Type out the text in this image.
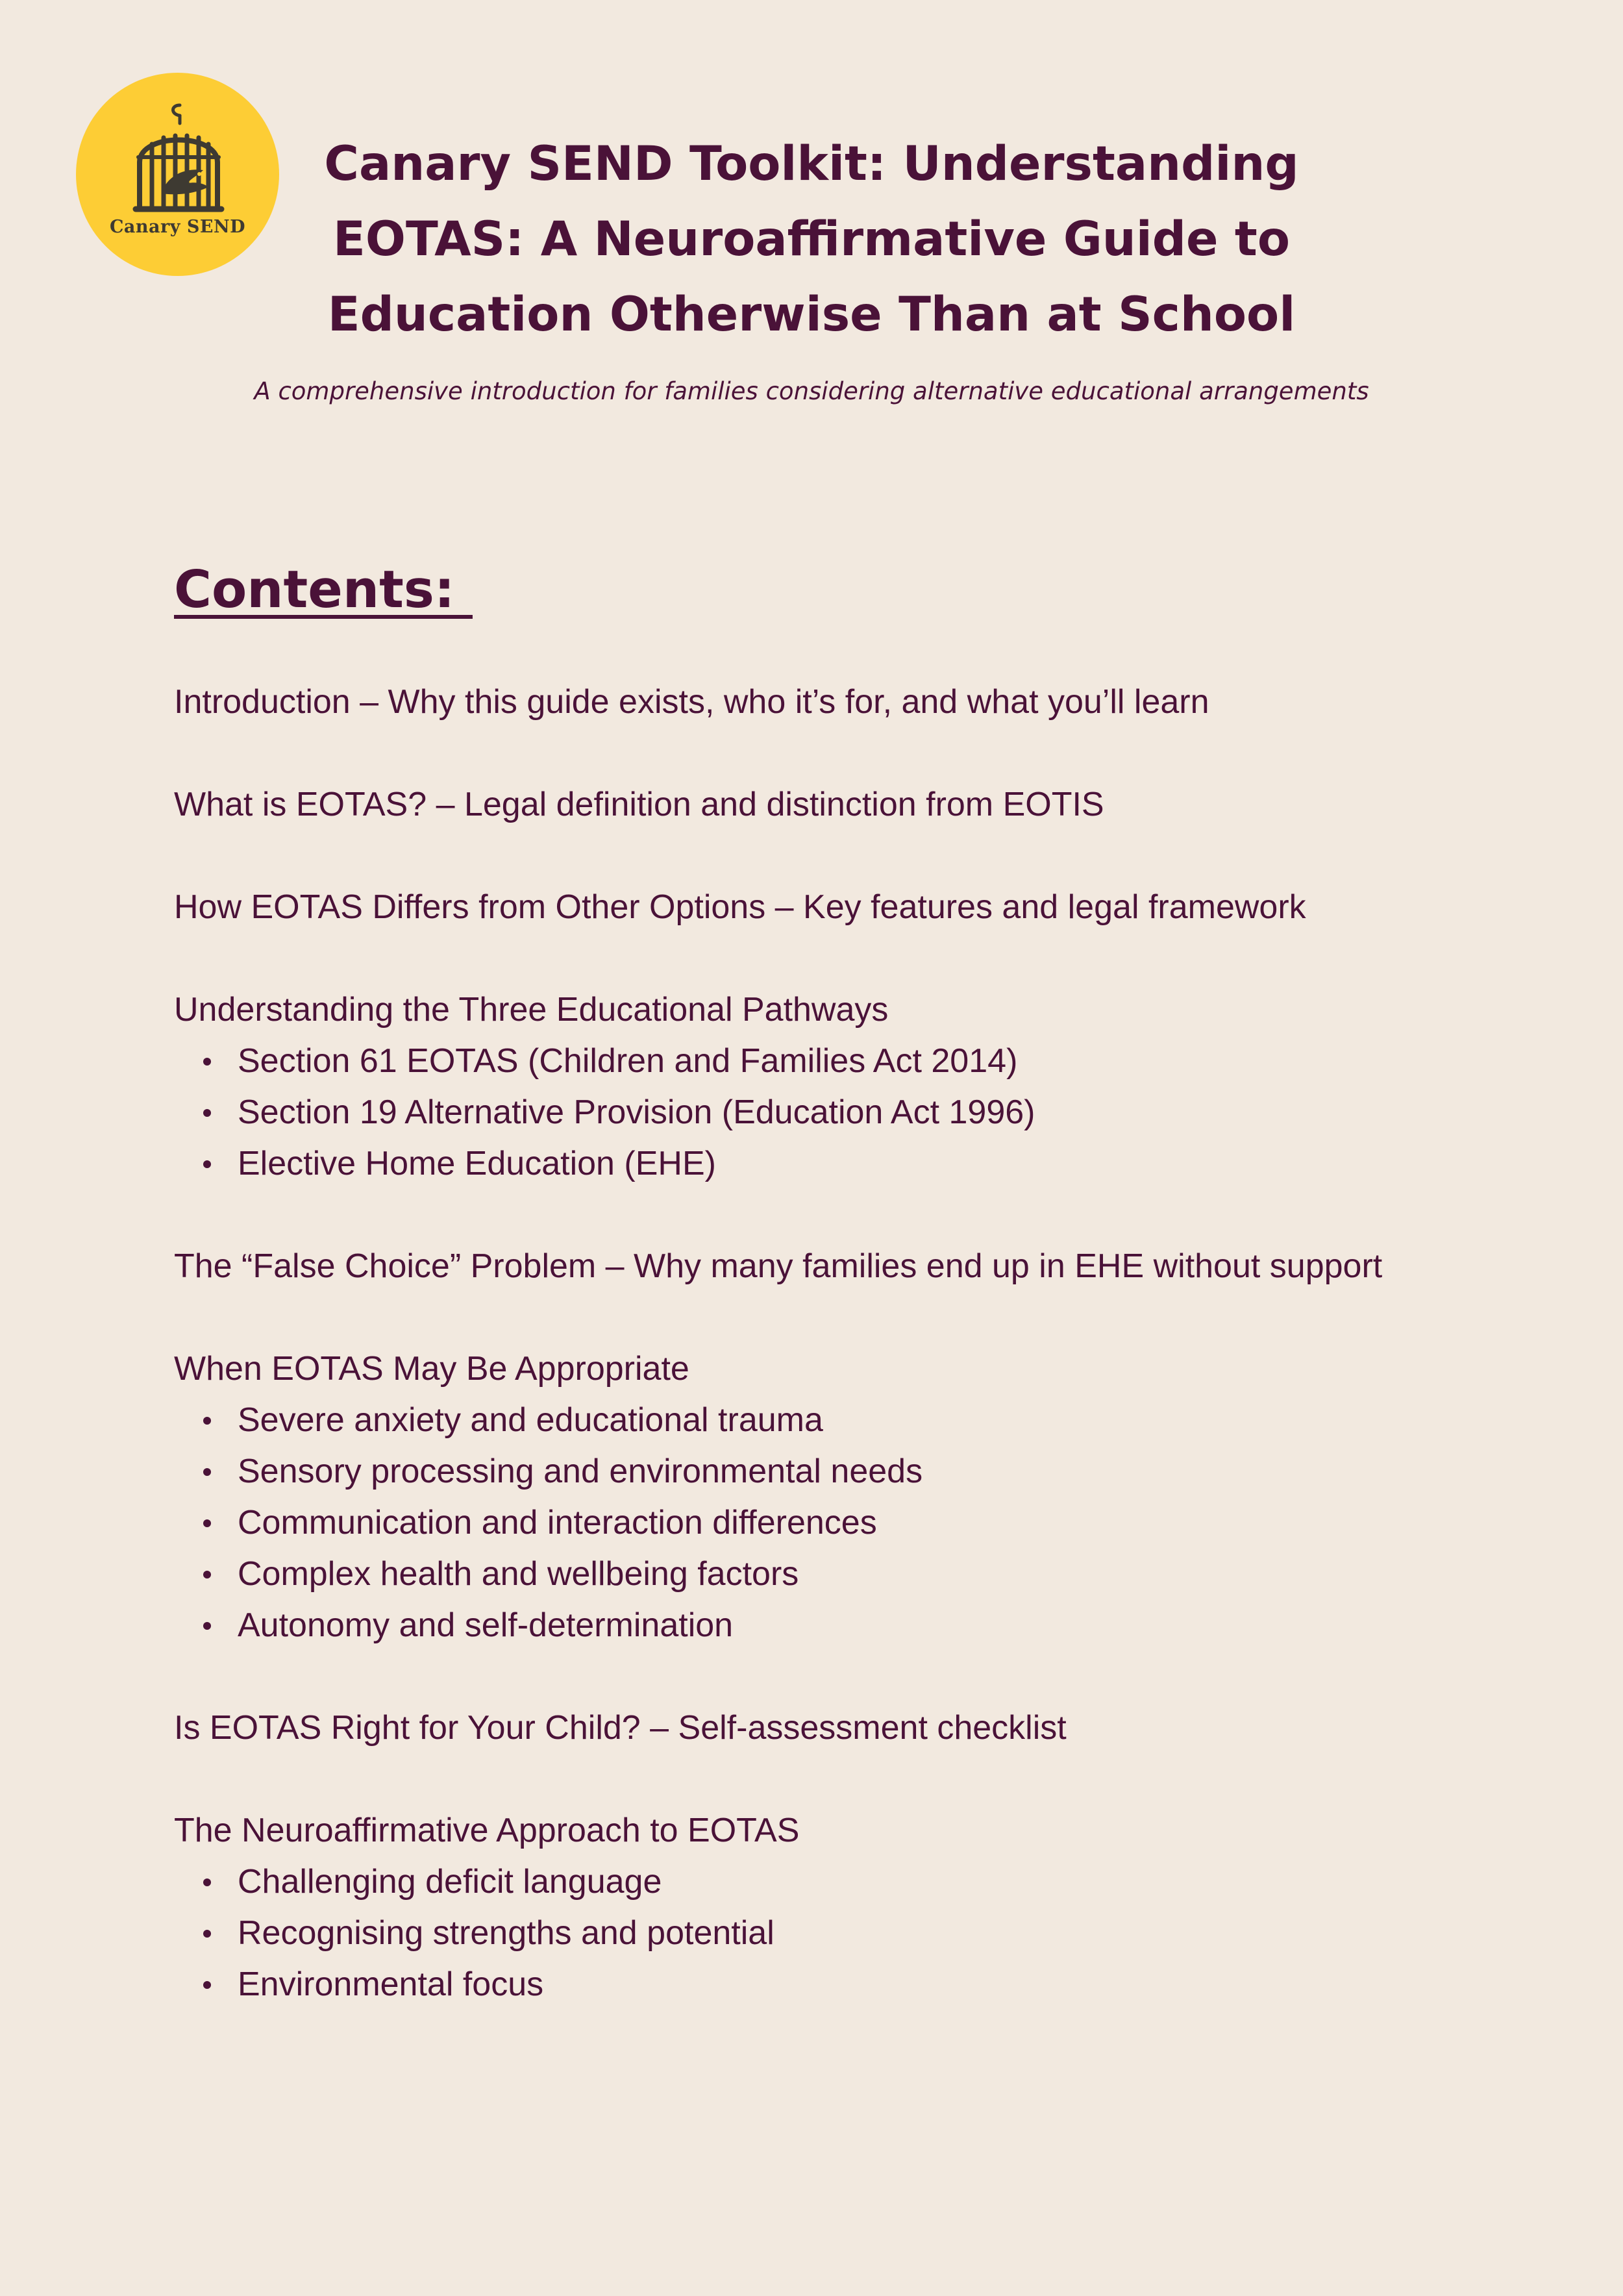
Canary SEND
Canary SEND Toolkit: Understanding EOTAS: A Neuroaffirmative Guide to Education Otherwise Than at School
A comprehensive introduction for families considering alternative educational arrangements
Contents:
Introduction – Why this guide exists, who it’s for, and what you’ll learn
What is EOTAS? – Legal definition and distinction from EOTIS
How EOTAS Differs from Other Options – Key features and legal framework
Understanding the Three Educational Pathways
Section 61 EOTAS (Children and Families Act 2014)
Section 19 Alternative Provision (Education Act 1996)
Elective Home Education (EHE)
The “False Choice” Problem – Why many families end up in EHE without support
When EOTAS May Be Appropriate
Severe anxiety and educational trauma
Sensory processing and environmental needs
Communication and interaction differences
Complex health and wellbeing factors
Autonomy and self-determination
Is EOTAS Right for Your Child? – Self-assessment checklist
The Neuroaffirmative Approach to EOTAS
Challenging deficit language
Recognising strengths and potential
Environmental focus
